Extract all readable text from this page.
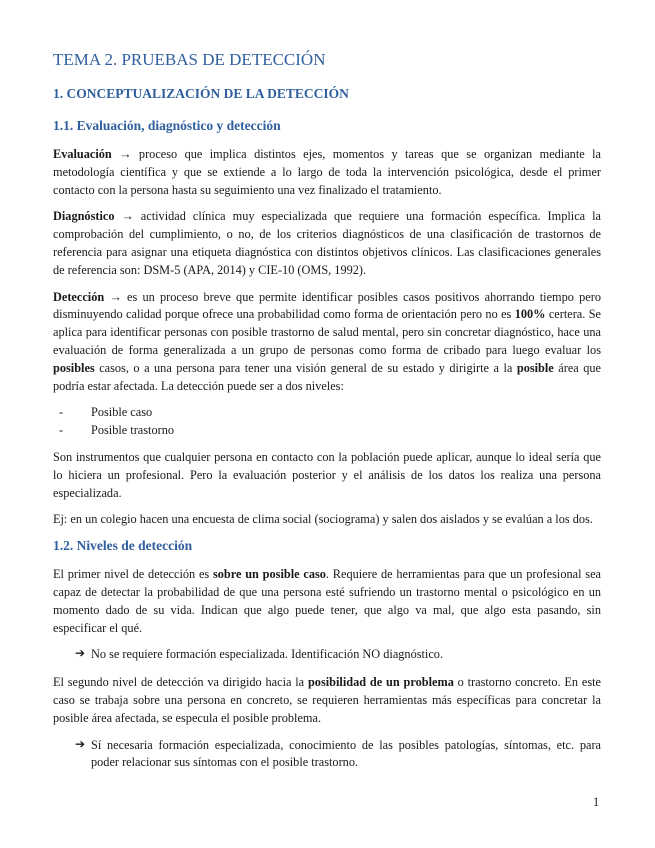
TEMA 2. PRUEBAS DE DETECCIÓN
1. CONCEPTUALIZACIÓN DE LA DETECCIÓN
1.1. Evaluación, diagnóstico y detección

Evaluación → proceso que implica distintos ejes, momentos y tareas que se organizan mediante la metodología científica y que se extiende a lo largo de toda la intervención psicológica, desde el primer contacto con la persona hasta su seguimiento una vez finalizado el tratamiento.

Diagnóstico → actividad clínica muy especializada que requiere una formación específica. Implica la comprobación del cumplimiento, o no, de los criterios diagnósticos de una clasificación de trastornos de referencia para asignar una etiqueta diagnóstica con distintos objetivos clínicos. Las clasificaciones generales de referencia son: DSM-5 (APA, 2014) y CIE-10 (OMS, 1992).

Detección → es un proceso breve que permite identificar posibles casos positivos ahorrando tiempo pero disminuyendo calidad porque ofrece una probabilidad como forma de orientación pero no es 100% certera. Se aplica para identificar personas con posible trastorno de salud mental, pero sin concretar diagnóstico, hace una evaluación de forma generalizada a un grupo de personas como forma de cribado para luego evaluar los posibles casos, o a una persona para tener una visión general de su estado y dirigirte a la posible área que podría estar afectada. La detección puede ser a dos niveles:

- Posible caso
- Posible trastorno

Son instrumentos que cualquier persona en contacto con la población puede aplicar, aunque lo ideal sería que lo hiciera un profesional. Pero la evaluación posterior y el análisis de los datos los realiza una persona especializada.

Ej: en un colegio hacen una encuesta de clima social (sociograma) y salen dos aislados y se evalúan a los dos.

1.2. Niveles de detección

El primer nivel de detección es sobre un posible caso. Requiere de herramientas para que un profesional sea capaz de detectar la probabilidad de que una persona esté sufriendo un trastorno mental o psicológico en un momento dado de su vida. Indican que algo puede tener, que algo va mal, que algo esta pasando, sin especificar el qué.

➔ No se requiere formación especializada. Identificación NO diagnóstico.

El segundo nivel de detección va dirigido hacia la posibilidad de un problema o trastorno concreto. En este caso se trabaja sobre una persona en concreto, se requieren herramientas más específicas para concretar la posible área afectada, se especula el posible problema.

➔ Sí necesaria formación especializada, conocimiento de las posibles patologías, síntomas, etc. para poder relacionar sus síntomas con el posible trastorno.

1
